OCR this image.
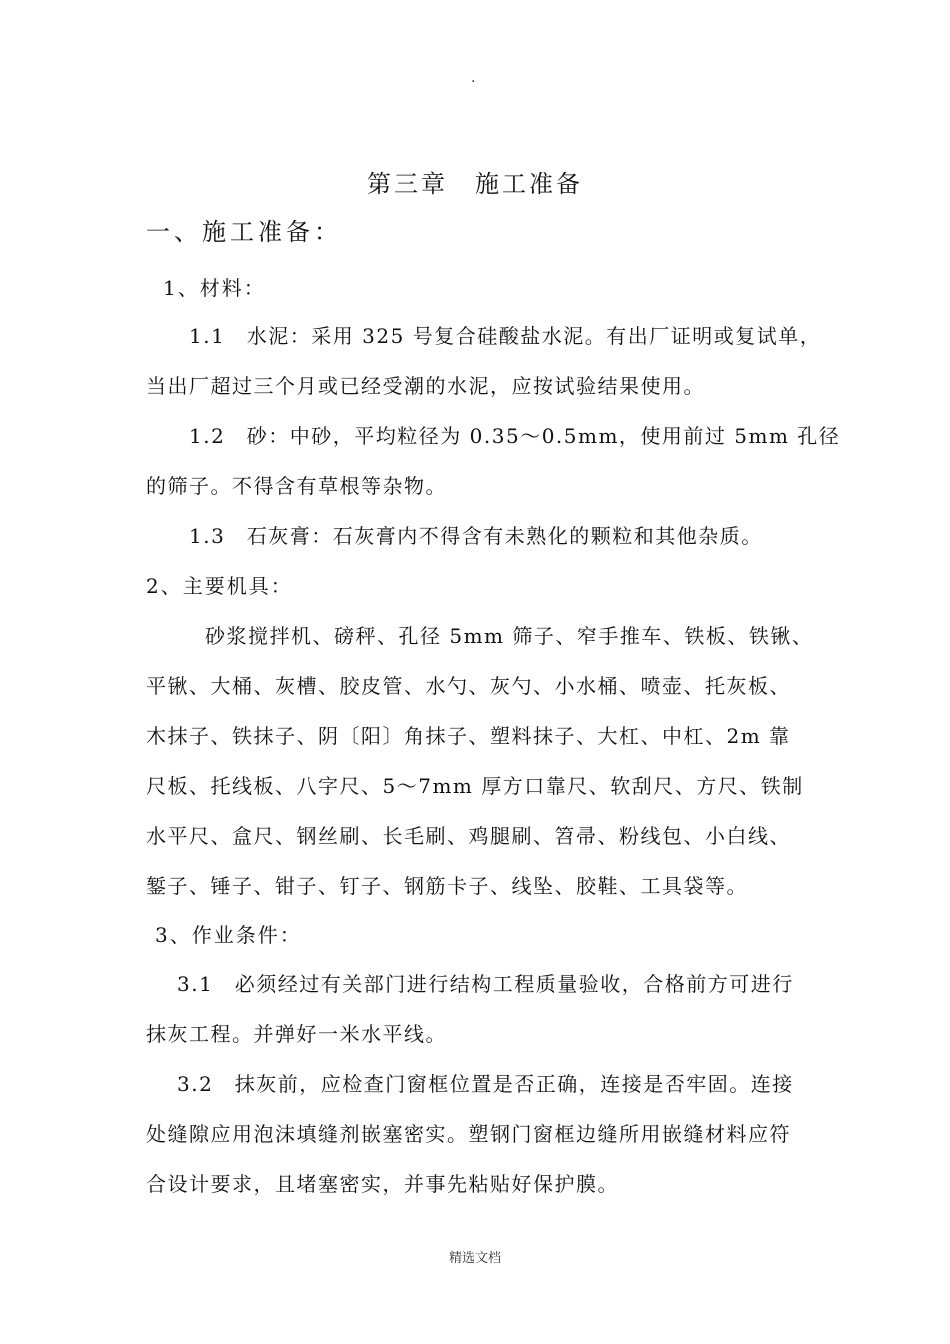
.
第三章　施工准备
一、施工准备：
1、材料：
1.1　水泥：采用 325 号复合硅酸盐水泥。有出厂证明或复试单，
当出厂超过三个月或已经受潮的水泥，应按试验结果使用。
1.2　砂：中砂，平均粒径为 0.35～0.5mm，使用前过 5mm 孔径
的筛子。不得含有草根等杂物。
1.3　石灰膏：石灰膏内不得含有未熟化的颗粒和其他杂质。
2、主要机具：
砂浆搅拌机、磅秤、孔径 5mm 筛子、窄手推车、铁板、铁锹、
平锹、大桶、灰槽、胶皮管、水勺、灰勺、小水桶、喷壶、托灰板、
木抹子、铁抹子、阴〔阳〕角抹子、塑料抹子、大杠、中杠、2m 靠
尺板、托线板、八字尺、5～7mm 厚方口靠尺、软刮尺、方尺、铁制
水平尺、盒尺、钢丝刷、长毛刷、鸡腿刷、笤帚、粉线包、小白线、
錾子、锤子、钳子、钉子、钢筋卡子、线坠、胶鞋、工具袋等。
3、作业条件：
3.1　必须经过有关部门进行结构工程质量验收，合格前方可进行
抹灰工程。并弹好一米水平线。
3.2　抹灰前，应检查门窗框位置是否正确，连接是否牢固。连接
处缝隙应用泡沫填缝剂嵌塞密实。塑钢门窗框边缝所用嵌缝材料应符
合设计要求，且堵塞密实，并事先粘贴好保护膜。
精选文档
